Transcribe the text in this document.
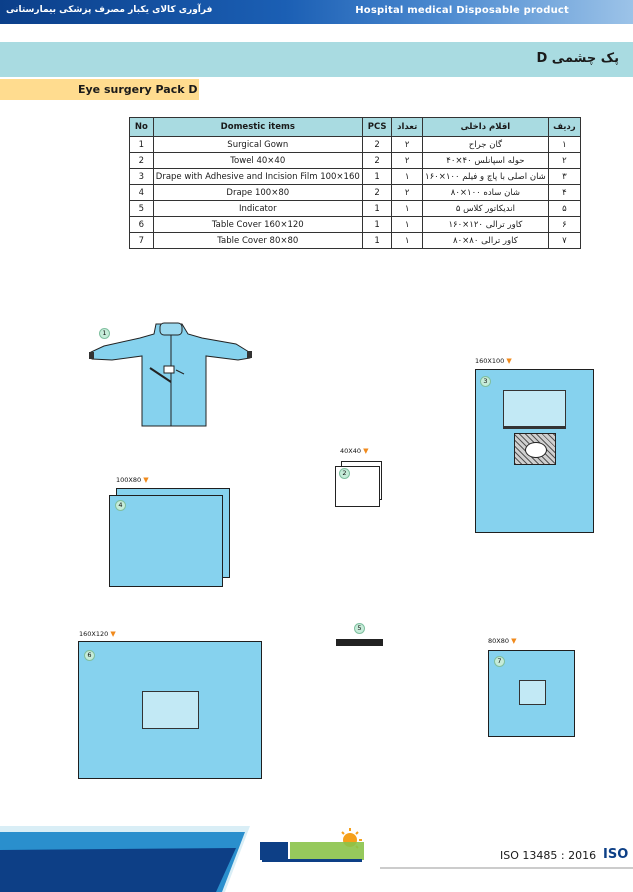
فرآوری کالای یکبار مصرف پزشکی بیمارستانی	Hospital medical Disposable product
پک چشمی D
Eye surgery Pack D
No	Domestic items	PCS	تعداد	اقلام داخلی	ردیف
1	Surgical Gown	2	۲	گان جراح	۱
2	Towel 40×40	2	۲	حوله اسپانلس ۴۰×۴۰	۲
3	Drape with Adhesive and Incision Film 100×160	1	۱	شان اصلی با پاچ و فیلم ۱۰۰×۱۶۰	۳
4	Drape 100×80	2	۲	شان ساده ۱۰۰×۸۰	۴
5	Indicator	1	۱	اندیکاتور کلاس ۵	۵
6	Table Cover 160×120	1	۱	کاور ترالی ۱۲۰×۱۶۰	۶
7	Table Cover 80×80	1	۱	کاور ترالی ۸۰×۸۰	۷
1
40X40 ▼
2
160X100 ▼
3
100X80 ▼
4
5
160X120 ▼
6
80X80 ▼
7
ISO 13485 : 2016 ISO
